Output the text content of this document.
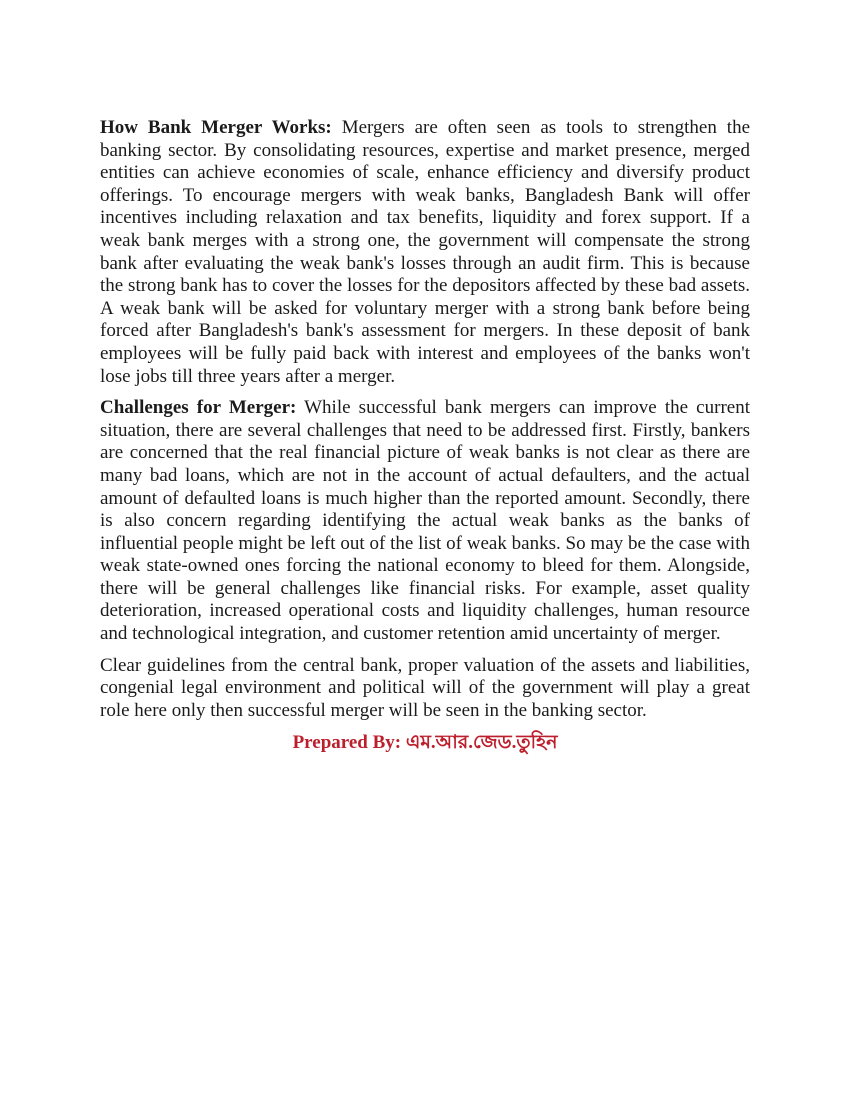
How Bank Merger Works: Mergers are often seen as tools to strengthen the banking sector. By consolidating resources, expertise and market presence, merged entities can achieve economies of scale, enhance efficiency and diversify product offerings. To encourage mergers with weak banks, Bangladesh Bank will offer incentives including relaxation and tax benefits, liquidity and forex support. If a weak bank merges with a strong one, the government will compensate the strong bank after evaluating the weak bank's losses through an audit firm. This is because the strong bank has to cover the losses for the depositors affected by these bad assets. A weak bank will be asked for voluntary merger with a strong bank before being forced after Bangladesh's bank's assessment for mergers. In these deposit of bank employees will be fully paid back with interest and employees of the banks won't lose jobs till three years after a merger.

Challenges for Merger: While successful bank mergers can improve the current situation, there are several challenges that need to be addressed first. Firstly, bankers are concerned that the real financial picture of weak banks is not clear as there are many bad loans, which are not in the account of actual defaulters, and the actual amount of defaulted loans is much higher than the reported amount. Secondly, there is also concern regarding identifying the actual weak banks as the banks of influential people might be left out of the list of weak banks. So may be the case with weak state-owned ones forcing the national economy to bleed for them. Alongside, there will be general challenges like financial risks. For example, asset quality deterioration, increased operational costs and liquidity challenges, human resource and technological integration, and customer retention amid uncertainty of merger.

Clear guidelines from the central bank, proper valuation of the assets and liabilities, congenial legal environment and political will of the government will play a great role here only then successful merger will be seen in the banking sector.

Prepared By: এম.আর.জেড.তুহিন
